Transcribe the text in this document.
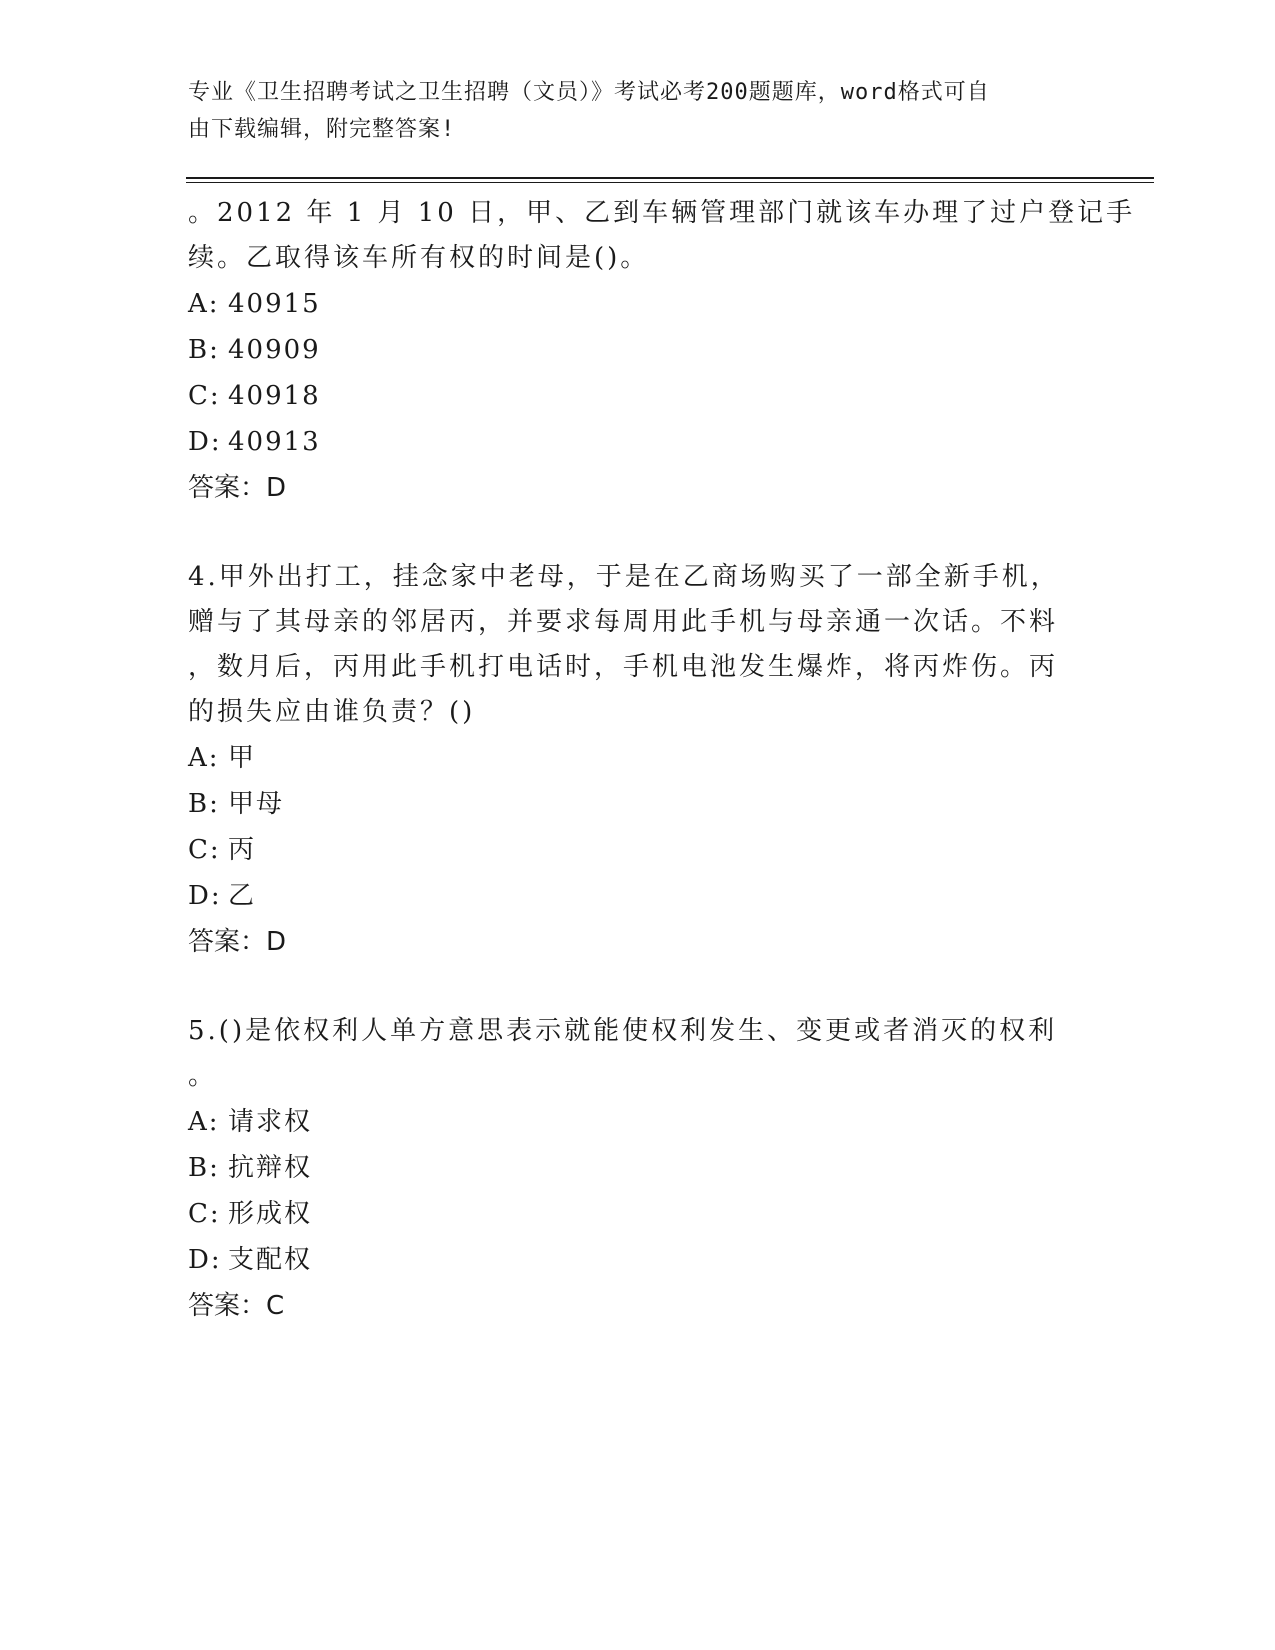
专业《卫生招聘考试之卫生招聘（文员）》考试必考200题题库，word格式可自
由下载编辑，附完整答案!
。2012 年 1 月 10 日，甲、乙到车辆管理部门就该车办理了过户登记手
续。乙取得该车所有权的时间是()。
A: 40915
B: 40909
C: 40918
D: 40913
答案：D
4.甲外出打工，挂念家中老母，于是在乙商场购买了一部全新手机，
赠与了其母亲的邻居丙，并要求每周用此手机与母亲通一次话。不料
，数月后，丙用此手机打电话时，手机电池发生爆炸，将丙炸伤。丙
的损失应由谁负责？()
A: 甲
B: 甲母
C: 丙
D: 乙
答案：D
5.()是依权利人单方意思表示就能使权利发生、变更或者消灭的权利
。
A: 请求权
B: 抗辩权
C: 形成权
D: 支配权
答案：C
